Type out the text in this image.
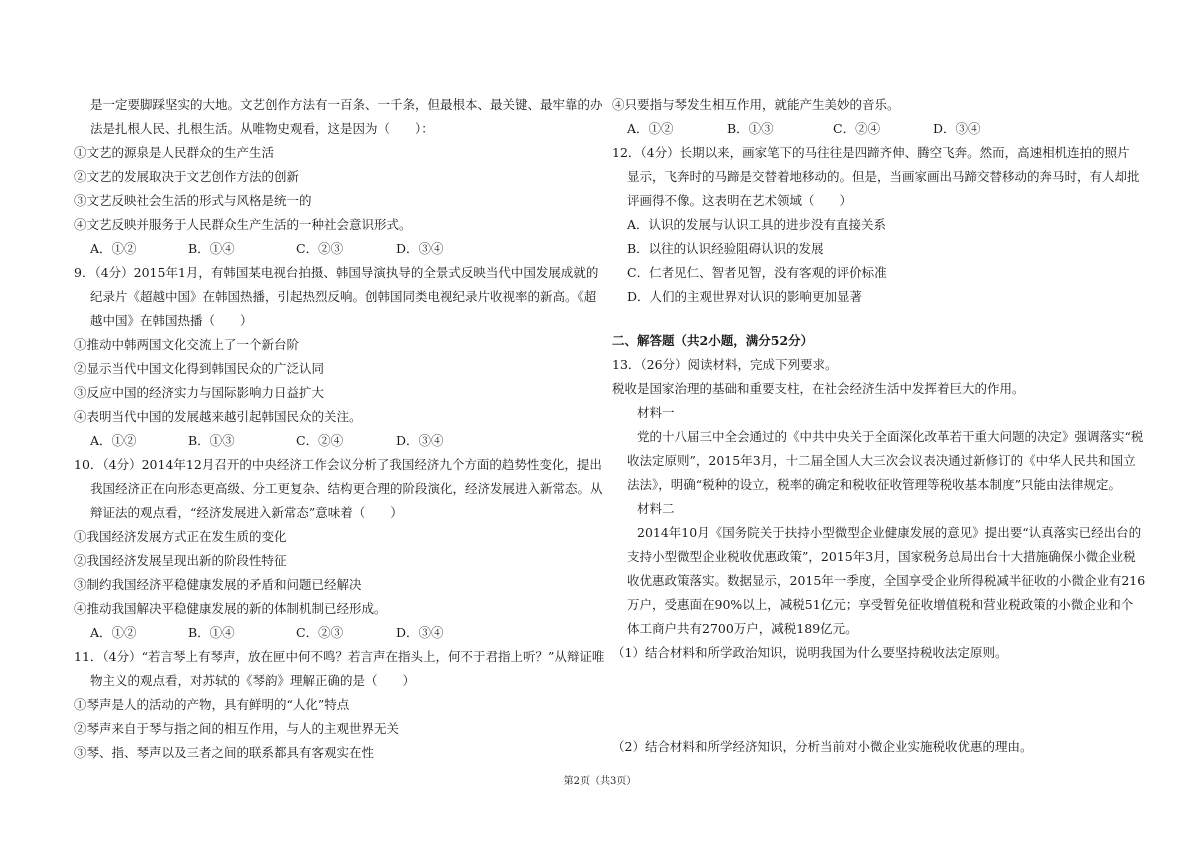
是一定要脚踩坚实的大地。文艺创作方法有一百条、一千条，但最根本、最关键、最牢靠的办
法是扎根人民、扎根生活。从唯物史观看，这是因为（　　）：
①文艺的源泉是人民群众的生产生活
②文艺的发展取决于文艺创作方法的创新
③文艺反映社会生活的形式与风格是统一的
④文艺反映并服务于人民群众生产生活的一种社会意识形式。
A．①②	B．①④	C．②③	D．③④
9．（4分）2015年1月，有韩国某电视台拍摄、韩国导演执导的全景式反映当代中国发展成就的
纪录片《超越中国》在韩国热播，引起热烈反响。创韩国同类电视纪录片收视率的新高。《超
越中国》在韩国热播（　　）
①推动中韩两国文化交流上了一个新台阶
②显示当代中国文化得到韩国民众的广泛认同
③反应中国的经济实力与国际影响力日益扩大
④表明当代中国的发展越来越引起韩国民众的关注。
A．①②	B．①③	C．②④	D．③④
10．（4分）2014年12月召开的中央经济工作会议分析了我国经济九个方面的趋势性变化，提出
我国经济正在向形态更高级、分工更复杂、结构更合理的阶段演化，经济发展进入新常态。从
辩证法的观点看，“经济发展进入新常态”意味着（　　）
①我国经济发展方式正在发生质的变化
②我国经济发展呈现出新的阶段性特征
③制约我国经济平稳健康发展的矛盾和问题已经解决
④推动我国解决平稳健康发展的新的体制机制已经形成。
A．①②	B．①④	C．②③	D．③④
11．（4分）“若言琴上有琴声，放在匣中何不鸣？若言声在指头上，何不于君指上听？”从辩证唯
物主义的观点看，对苏轼的《琴韵》理解正确的是（　　）
①琴声是人的活动的产物，具有鲜明的“人化”特点
②琴声来自于琴与指之间的相互作用，与人的主观世界无关
③琴、指、琴声以及三者之间的联系都具有客观实在性
④只要指与琴发生相互作用，就能产生美妙的音乐。
A．①②	B．①③	C．②④	D．③④
12．（4分）长期以来，画家笔下的马往往是四蹄齐伸、腾空飞奔。然而，高速相机连拍的照片
显示，飞奔时的马蹄是交替着地移动的。但是，当画家画出马蹄交替移动的奔马时，有人却批
评画得不像。这表明在艺术领域（　　）
A．认识的发展与认识工具的进步没有直接关系
B．以往的认识经验阻碍认识的发展
C．仁者见仁、智者见智，没有客观的评价标准
D．人们的主观世界对认识的影响更加显著
二、解答题（共2小题，满分52分）
13．（26分）阅读材料，完成下列要求。
税收是国家治理的基础和重要支柱，在社会经济生活中发挥着巨大的作用。
　　材料一
　　党的十八届三中全会通过的《中共中央关于全面深化改革若干重大问题的决定》强调落实“税
收法定原则”，2015年3月，十二届全国人大三次会议表决通过新修订的《中华人民共和国立
法法》，明确“税种的设立，税率的确定和税收征收管理等税收基本制度”只能由法律规定。
　　材料二
　　2014年10月《国务院关于扶持小型微型企业健康发展的意见》提出要“认真落实已经出台的
支持小型微型企业税收优惠政策”，2015年3月，国家税务总局出台十大措施确保小微企业税
收优惠政策落实。数据显示，2015年一季度，全国享受企业所得税减半征收的小微企业有216
万户，受惠面在90%以上，减税51亿元；享受暂免征收增值税和营业税政策的小微企业和个
体工商户共有2700万户，减税189亿元。
（1）结合材料和所学政治知识，说明我国为什么要坚持税收法定原则。
（2）结合材料和所学经济知识，分析当前对小微企业实施税收优惠的理由。
第2页（共3页）
